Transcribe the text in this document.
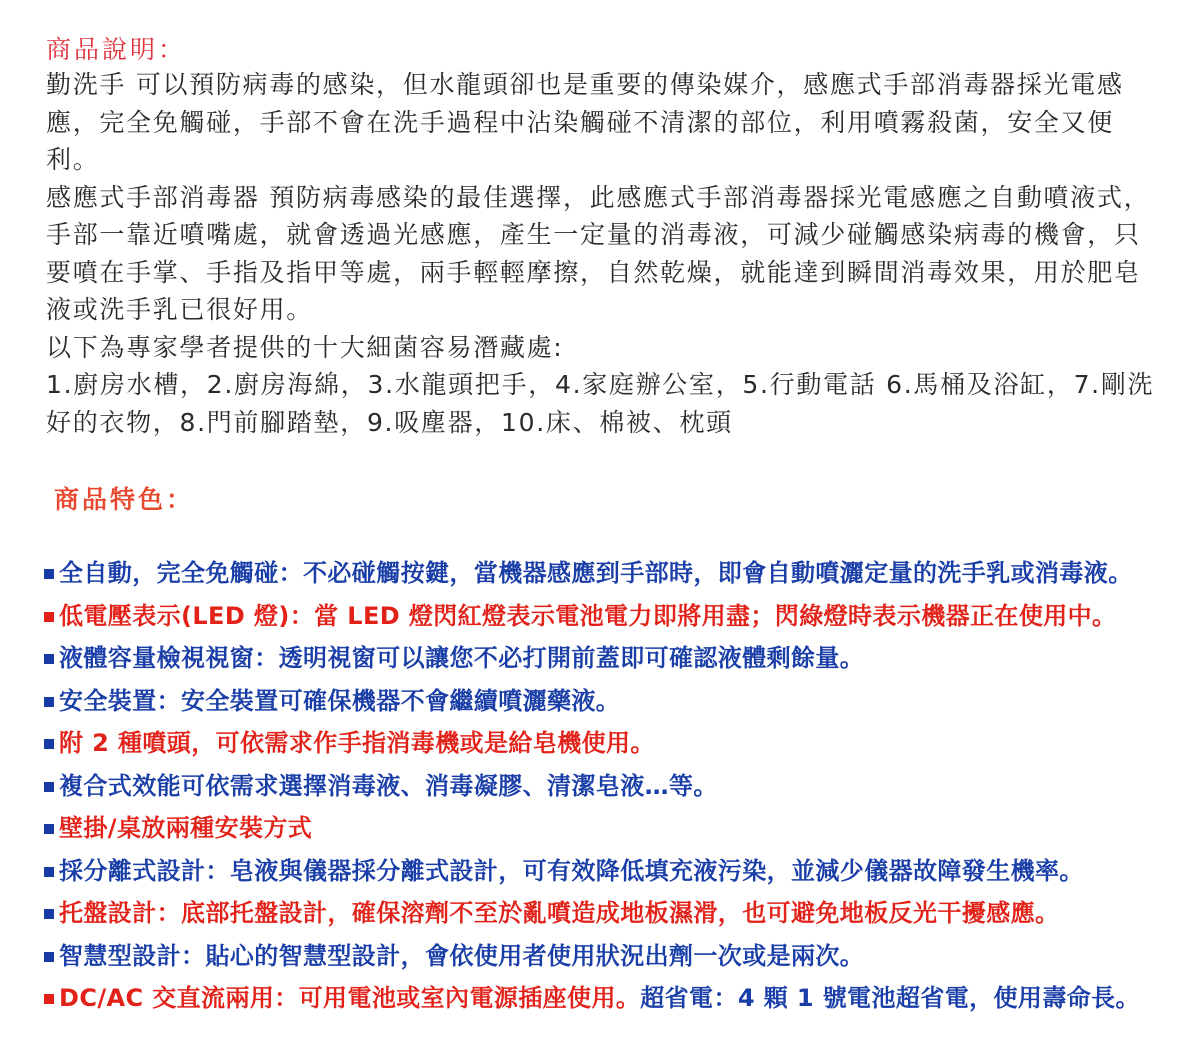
商品說明：

勤洗手 可以預防病毒的感染，但水龍頭卻也是重要的傳染媒介，感應式手部消毒器採光電感應，完全免觸碰，手部不會在洗手過程中沾染觸碰不清潔的部位，利用噴霧殺菌，安全又便利。

感應式手部消毒器 預防病毒感染的最佳選擇，此感應式手部消毒器採光電感應之自動噴液式，手部一靠近噴嘴處，就會透過光感應，產生一定量的消毒液，可減少碰觸感染病毒的機會，只要噴在手掌、手指及指甲等處，兩手輕輕摩擦，自然乾燥，就能達到瞬間消毒效果，用於肥皂液或洗手乳已很好用。

以下為專家學者提供的十大細菌容易潛藏處:

1.廚房水槽，2.廚房海綿，3.水龍頭把手，4.家庭辦公室，5.行動電話 6.馬桶及浴缸，7.剛洗好的衣物，8.門前腳踏墊，9.吸塵器，10.床、棉被、枕頭

商品特色：
全自動，完全免觸碰：不必碰觸按鍵，當機器感應到手部時，即會自動噴灑定量的洗手乳或消毒液。
低電壓表示(LED 燈)：當 LED 燈閃紅燈表示電池電力即將用盡；閃綠燈時表示機器正在使用中。
液體容量檢視視窗：透明視窗可以讓您不必打開前蓋即可確認液體剩餘量。
安全裝置：安全裝置可確保機器不會繼續噴灑藥液。
附 2 種噴頭，可依需求作手指消毒機或是給皂機使用。
複合式效能可依需求選擇消毒液、消毒凝膠、清潔皂液…等。
壁掛/桌放兩種安裝方式
採分離式設計：皂液與儀器採分離式設計，可有效降低填充液污染，並減少儀器故障發生機率。
托盤設計：底部托盤設計，確保溶劑不至於亂噴造成地板濕滑，也可避免地板反光干擾感應。
智慧型設計：貼心的智慧型設計，會依使用者使用狀況出劑一次或是兩次。
DC/AC 交直流兩用：可用電池或室內電源插座使用。超省電：4 顆 1 號電池超省電，使用壽命長。
